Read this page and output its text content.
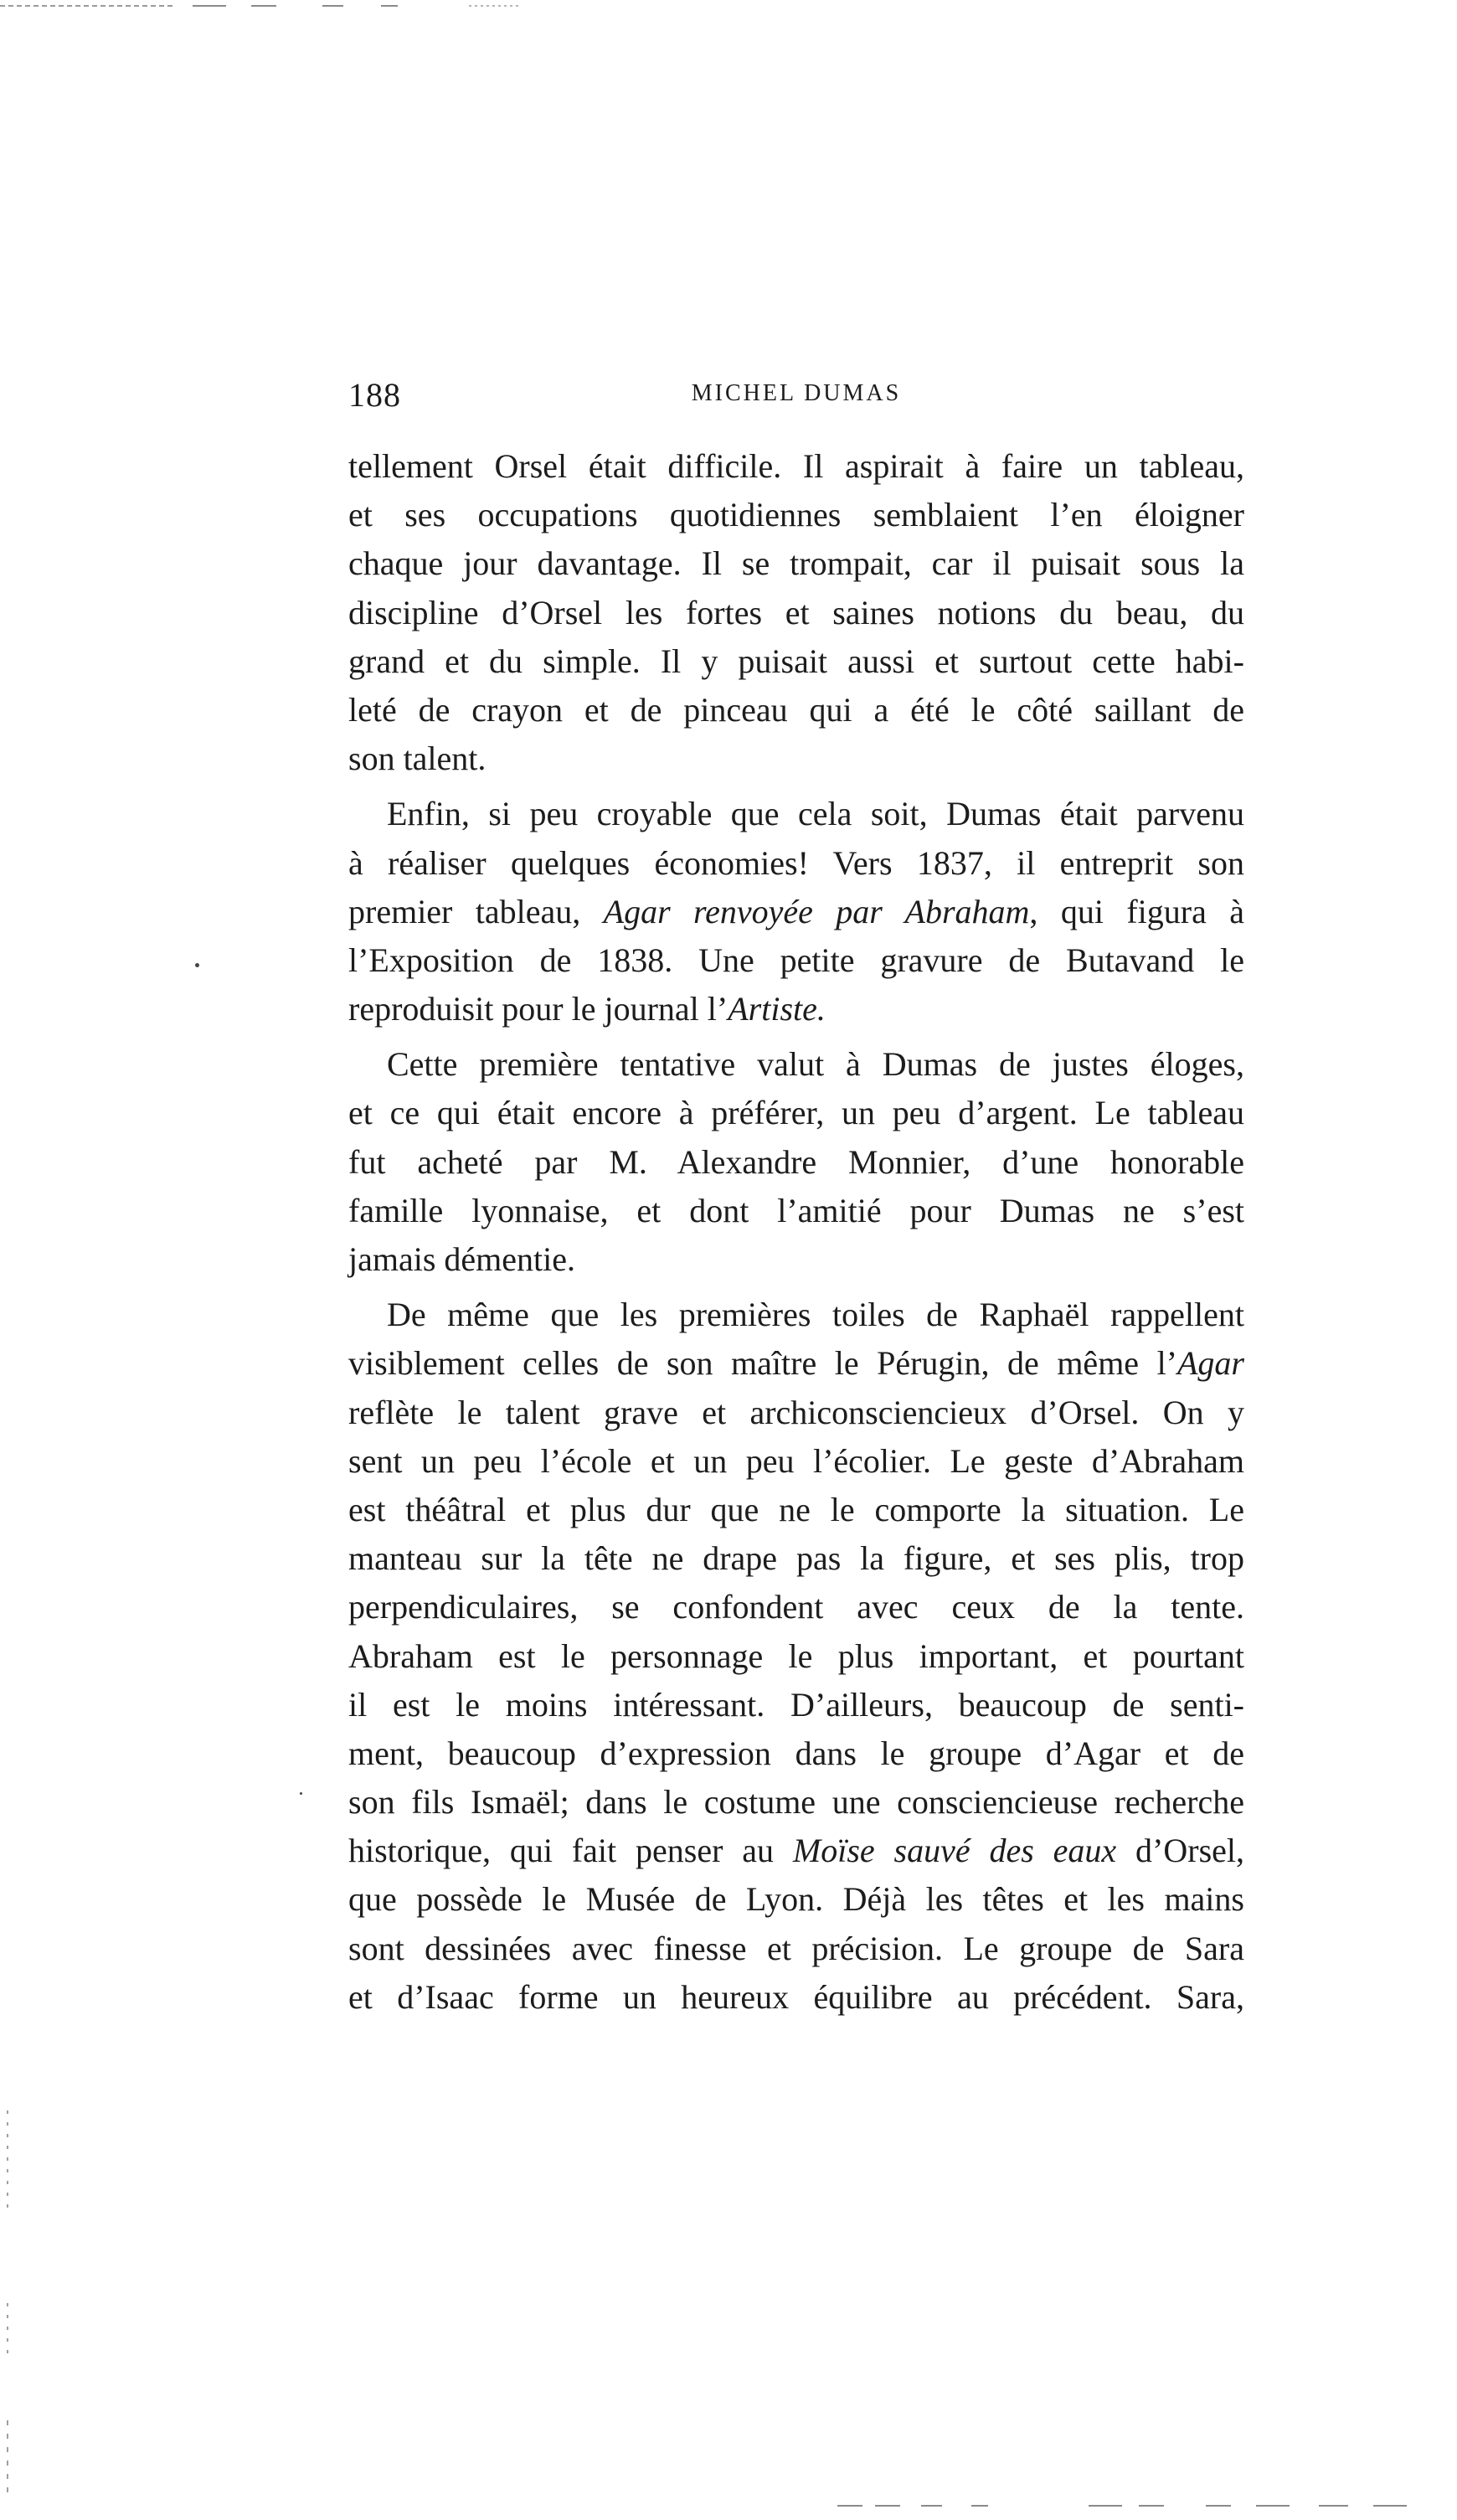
188	MICHEL DUMAS
tellement Orsel était difficile. Il aspirait à faire un tableau,
et ses occupations quotidiennes semblaient l’en éloigner
chaque jour davantage. Il se trompait, car il puisait sous la
discipline d’Orsel les fortes et saines notions du beau, du
grand et du simple. Il y puisait aussi et surtout cette habi-
leté de crayon et de pinceau qui a été le côté saillant de
son talent.
Enfin, si peu croyable que cela soit, Dumas était parvenu
à réaliser quelques économies! Vers 1837, il entreprit son
premier tableau, Agar renvoyée par Abraham, qui figura à
l’Exposition de 1838. Une petite gravure de Butavand le
reproduisit pour le journal l’Artiste.
Cette première tentative valut à Dumas de justes éloges,
et ce qui était encore à préférer, un peu d’argent. Le tableau
fut acheté par M. Alexandre Monnier, d’une honorable
famille lyonnaise, et dont l’amitié pour Dumas ne s’est
jamais démentie.
De même que les premières toiles de Raphaël rappellent
visiblement celles de son maître le Pérugin, de même l’Agar
reflète le talent grave et archiconsciencieux d’Orsel. On y
sent un peu l’école et un peu l’écolier. Le geste d’Abraham
est théâtral et plus dur que ne le comporte la situation. Le
manteau sur la tête ne drape pas la figure, et ses plis, trop
perpendiculaires, se confondent avec ceux de la tente.
Abraham est le personnage le plus important, et pourtant
il est le moins intéressant. D’ailleurs, beaucoup de senti-
ment, beaucoup d’expression dans le groupe d’Agar et de
son fils Ismaël; dans le costume une consciencieuse recherche
historique, qui fait penser au Moïse sauvé des eaux d’Orsel,
que possède le Musée de Lyon. Déjà les têtes et les mains
sont dessinées avec finesse et précision. Le groupe de Sara
et d’Isaac forme un heureux équilibre au précédent. Sara,
